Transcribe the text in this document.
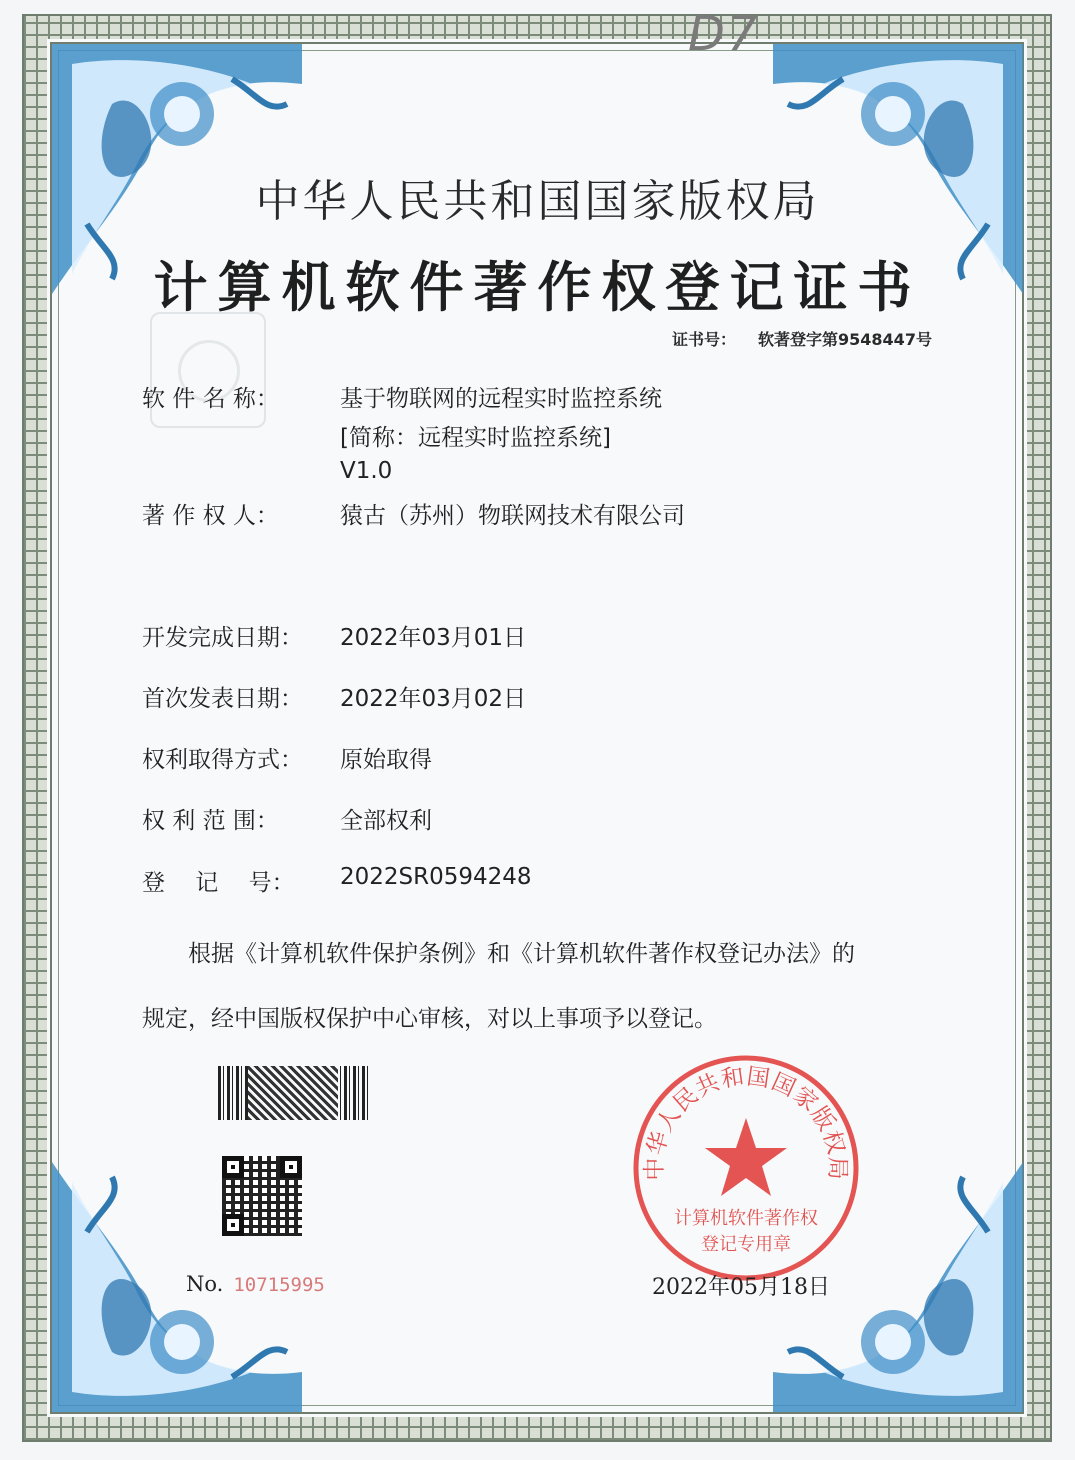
D7
中华人民共和国国家版权局
计算机软件著作权登记证书
证书号： 软著登字第9548447号
软 件 名 称：	基于物联网的远程实时监控系统
[简称：远程实时监控系统]
V1.0
著 作 权 人：	猿古（苏州）物联网技术有限公司
开发完成日期： 2022年03月01日
首次发表日期： 2022年03月02日
权利取得方式： 原始取得
权 利 范 围：	全部权利
登　 记　 号： 2022SR0594248
根据《计算机软件保护条例》和《计算机软件著作权登记办法》的
规定，经中国版权保护中心审核，对以上事项予以登记。
No. 10715995
中华人民共和国国家版权局
计算机软件著作权
登记专用章
2022年05月18日
